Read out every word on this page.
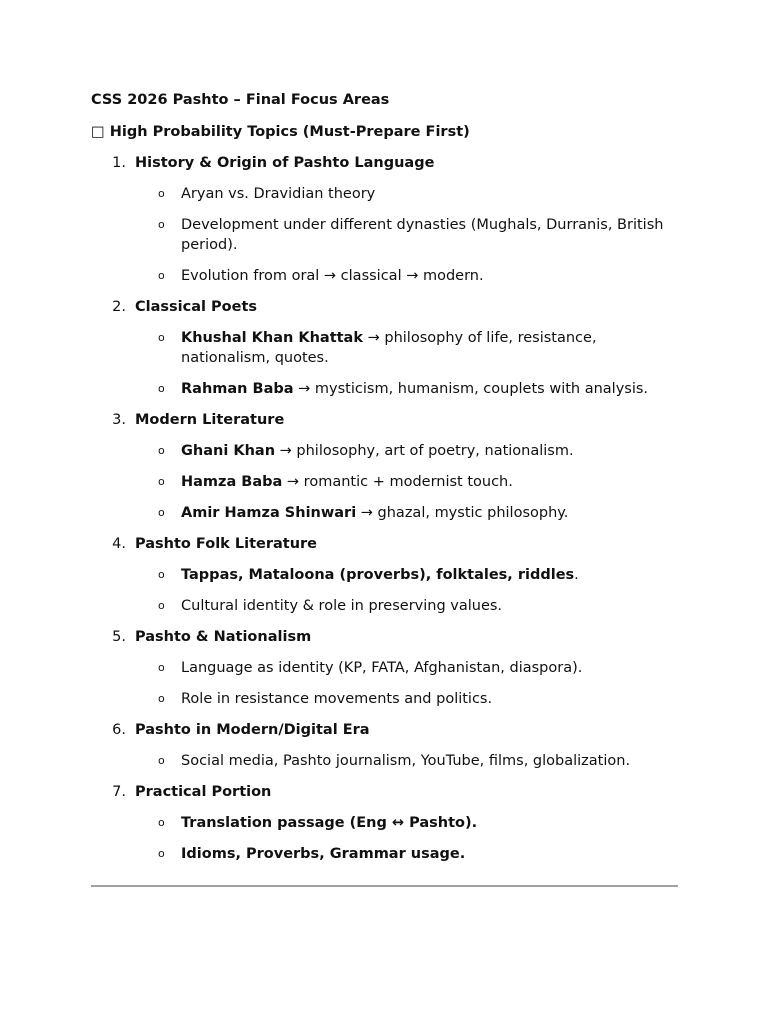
CSS 2026 Pashto – Final Focus Areas
□ High Probability Topics (Must-Prepare First)
1. History & Origin of Pashto Language
o	Aryan vs. Dravidian theory
o	Development under different dynasties (Mughals, Durranis, British period).
o	Evolution from oral → classical → modern.
2. Classical Poets
o	Khushal Khan Khattak → philosophy of life, resistance, nationalism, quotes.
o	Rahman Baba → mysticism, humanism, couplets with analysis.
3. Modern Literature
o	Ghani Khan → philosophy, art of poetry, nationalism.
o	Hamza Baba → romantic + modernist touch.
o	Amir Hamza Shinwari → ghazal, mystic philosophy.
4. Pashto Folk Literature
o	Tappas, Mataloona (proverbs), folktales, riddles.
o	Cultural identity & role in preserving values.
5. Pashto & Nationalism
o	Language as identity (KP, FATA, Afghanistan, diaspora).
o	Role in resistance movements and politics.
6. Pashto in Modern/Digital Era
o	Social media, Pashto journalism, YouTube, films, globalization.
7. Practical Portion
o	Translation passage (Eng ↔ Pashto).
o	Idioms, Proverbs, Grammar usage.
